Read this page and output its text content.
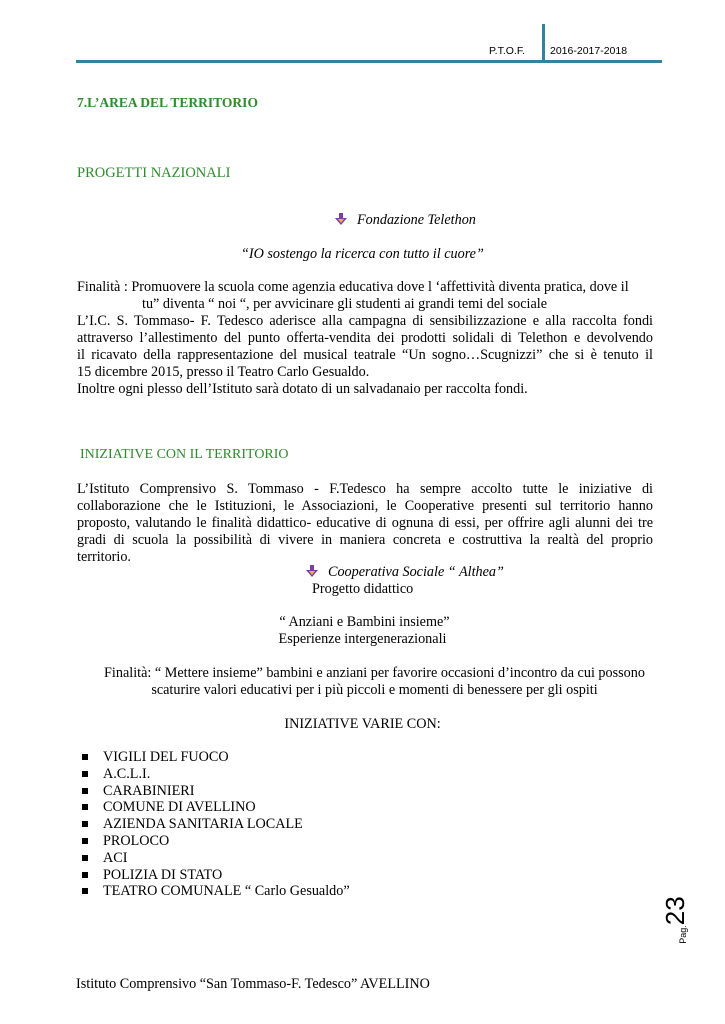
P.T.O.F. 2016-2017-2018
7.L’AREA DEL TERRITORIO
PROGETTI NAZIONALI
Fondazione Telethon
“IO sostengo la ricerca con tutto il cuore”
Finalità : Promuovere la scuola come agenzia educativa dove l ‘affettività diventa pratica, dove il
tu” diventa “ noi “, per avvicinare gli studenti ai grandi temi del sociale
L’I.C. S. Tommaso- F. Tedesco aderisce alla campagna di sensibilizzazione e alla raccolta fondi
attraverso l’allestimento del punto offerta-vendita dei prodotti solidali di Telethon e devolvendo
il ricavato della rappresentazione del musical teatrale “Un sogno…Scugnizzi” che si è tenuto il
15 dicembre 2015, presso il Teatro Carlo Gesualdo.
Inoltre ogni plesso dell’Istituto sarà dotato di un salvadanaio per raccolta fondi.
INIZIATIVE CON IL TERRITORIO
L’Istituto Comprensivo S. Tommaso - F.Tedesco ha sempre accolto tutte le iniziative di
collaborazione che le Istituzioni, le Associazioni, le Cooperative presenti sul territorio hanno
proposto, valutando le finalità didattico- educative di ognuna di essi, per offrire agli alunni dei tre
gradi di scuola la possibilità di vivere in maniera concreta e costruttiva la realtà del proprio
territorio.
Cooperativa Sociale “ Althea”
Progetto didattico
“ Anziani e Bambini insieme”
Esperienze intergenerazionali
Finalità: “ Mettere insieme” bambini e anziani per favorire occasioni d’incontro da cui possono
scaturire valori educativi per i più piccoli e momenti di benessere per gli ospiti
INIZIATIVE VARIE CON:
VIGILI DEL FUOCO
A.C.L.I.
CARABINIERI
COMUNE DI AVELLINO
AZIENDA SANITARIA LOCALE
PROLOCO
ACI
POLIZIA DI STATO
TEATRO COMUNALE “ Carlo Gesualdo”
Pag.23
Istituto Comprensivo “San Tommaso-F. Tedesco” AVELLINO
